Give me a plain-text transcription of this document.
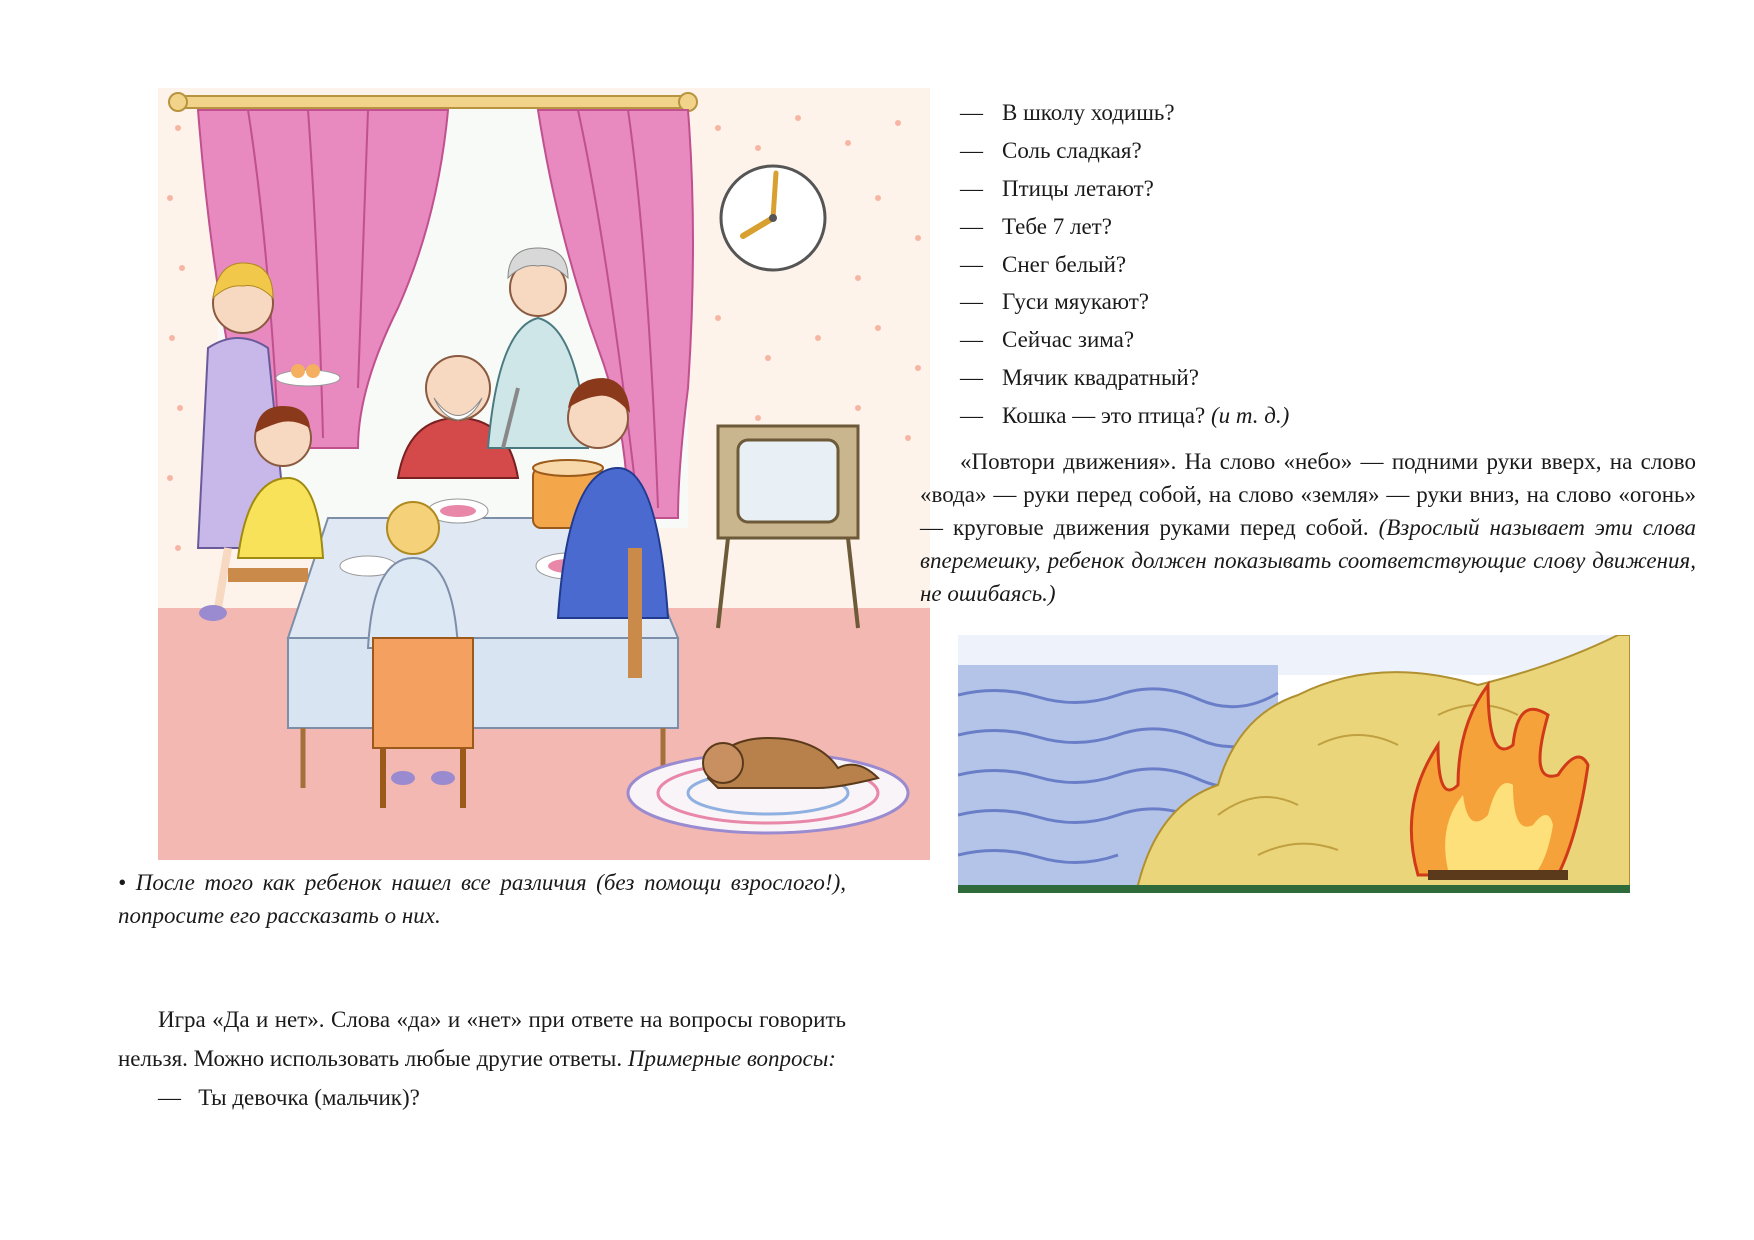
• После того как ребенок нашел все различия (без помощи взрослого!), попросите его рассказать о них.

Игра «Да и нет». Слова «да» и «нет» при ответе на вопросы говорить нельзя. Можно использовать любые другие ответы. Примерные вопросы:

— Ты девочка (мальчик)?
— В школу ходишь?
— Соль сладкая?
— Птицы летают?
— Тебе 7 лет?
— Снег белый?
— Гуси мяукают?
— Сейчас зима?
— Мячик квадратный?
— Кошка — это птица? (и т. д.)

«Повтори движения». На слово «небо» — подними руки вверх, на слово «вода» — руки перед собой, на слово «земля» — руки вниз, на слово «огонь» — круговые движения руками перед собой. (Взрослый называет эти слова вперемешку, ребенок должен показывать соответствующие слову движения, не ошибаясь.)
